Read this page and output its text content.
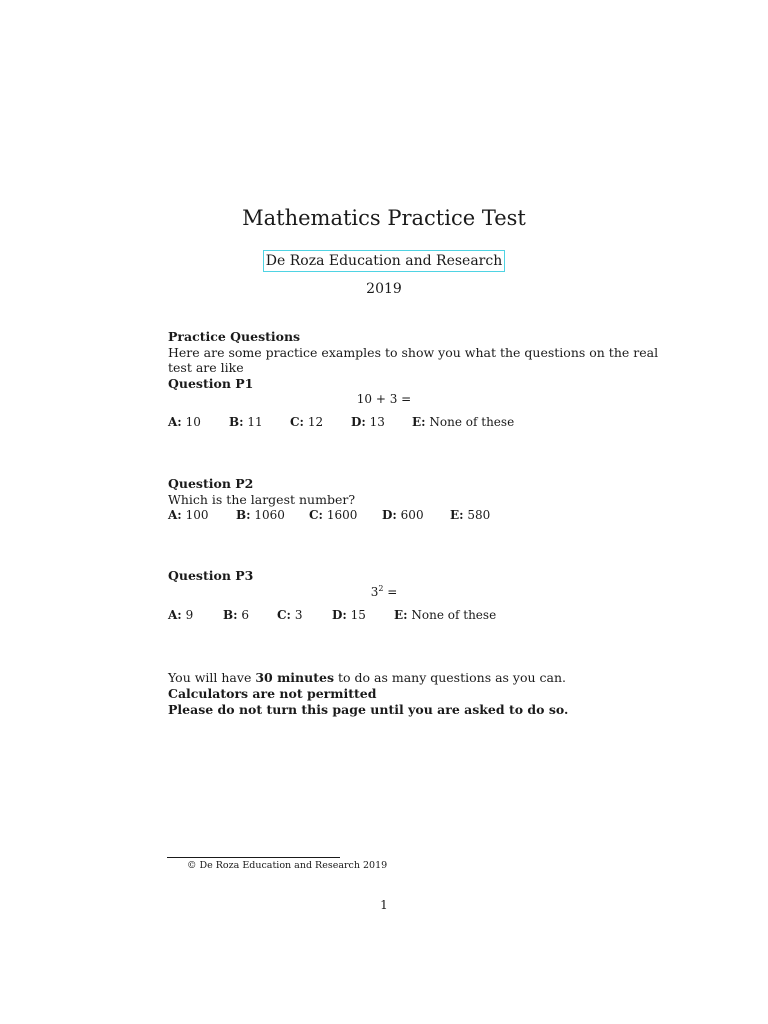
Mathematics Practice Test
De Roza Education and Research
2019
Practice Questions
Here are some practice examples to show you what the questions on the real
test are like
Question P1
10 + 3 =
A: 10 B: 11 C: 12 D: 13 E: None of these
Question P2
Which is the largest number?
A: 100 B: 1060 C: 1600 D: 600 E: 580
Question P3
$3^2$ =
A: 9 B: 6 C: 3 D: 15 E: None of these
You will have 30 minutes to do as many questions as you can.
Calculators are not permitted
Please do not turn this page until you are asked to do so.
© De Roza Education and Research 2019
1
